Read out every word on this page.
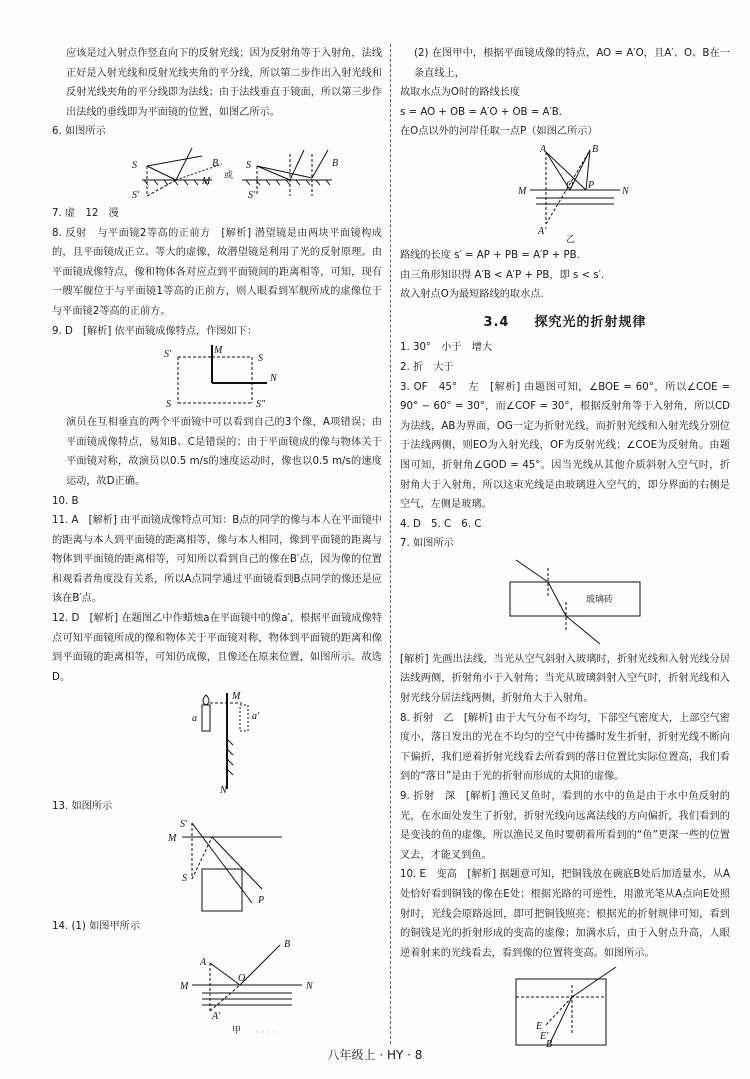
应该是过入射点作竖直向下的反射光线；因为反射角等于入射角，法线正好是入射光线和反射光线夹角的平分线，所以第二步作出入射光线和反射光线夹角的平分线即为法线；由于法线垂直于镜面，所以第三步作出法线的垂线即为平面镜的位置，如图乙所示。

6. 如图所示

S
S′
M
B
或
S
S′
B

7. 虚　12　漫

8. 反射　与平面镜2等高的正前方　[解析] 潜望镜是由两块平面镜构成的，且平面镜成正立、等大的虚像，故潜望镜是利用了光的反射原理。由平面镜成像特点，像和物体各对应点到平面镜间的距离相等，可知，现有一艘军舰位于与平面镜1等高的正前方，则人眼看到军舰所成的虚像位于与平面镜2等高的正前方。

9. D　[解析] 依平面镜成像特点，作图如下：

S′	M
S
N
S	S″

演员在互相垂直的两个平面镜中可以看到自己的3个像，A项错误；由平面镜成像特点，易知B、C是错误的；由于平面镜成的像与物体关于平面镜对称，故演员以0.5 m/s的速度运动时，像也以0.5 m/s的速度运动，故D正确。

10. B

11. A　[解析] 由平面镜成像特点可知：B点的同学的像与本人在平面镜中的距离与本人到平面镜的距离相等，像与本人相同，像到平面镜的距离与物体到平面镜的距离相等，可知所以看到自己的像在B′点，因为像的位置和观看者角度没有关系，所以A点同学通过平面镜看到B点同学的像还是应该在B′点。

12. D　[解析] 在题图乙中作蜡烛a在平面镜中的像a′，根据平面镜成像特点可知平面镜所成的像和物体关于平面镜对称，物体到平面镜的距离和像到平面镜的距离相等，可知仍成像，且像还在原来位置，如图所示。故选D。

a	a′
M
N

13. 如图所示

S′
M
S
P

14. (1) 如图甲所示

A
B
O
M	N
A′
甲

(2) 在图甲中，根据平面镜成像的特点，AO = A′O，且A′、O、B在一条直线上，

故取水点为O时的路线长度

s = AO + OB = A′O + OB = A′B.

在O点以外的河岸任取一点P（如图乙所示）

A	B
M	N
O P
A′
乙

路线的长度 s′ = AP + PB = A′P + PB.

由三角形知识得 A′B < A′P + PB，即 s < s′.

故入射点O为最短路线的取水点.

3.4 　 探究光的折射规律

1. 30°　小于　增大

2. 折　大于

3. OF　45°　左　[解析] 由题图可知，∠BOE = 60°，所以∠COE = 90° − 60° = 30°，而∠COF = 30°，根据反射角等于入射角，所以CD为法线，AB为界面，OG一定为折射光线，而折射光线和入射光线分别位于法线两侧，则EO为入射光线，OF为反射光线；∠COE为反射角。由题图可知，折射角∠GOD = 45°。因当光线从其他介质斜射入空气时，折射角大于入射角，所以这束光线是由玻璃进入空气的，即分界面的右侧是空气，左侧是玻璃。

4. D　5. C　6. C

7. 如图所示

玻璃砖

[解析] 先画出法线，当光从空气斜射入玻璃时，折射光线和入射光线分居法线两侧，折射角小于入射角；当光从玻璃斜射入空气时，折射光线和入射光线分居法线两侧，折射角大于入射角。

8. 折射　乙　[解析] 由于大气分布不均匀，下部空气密度大，上部空气密度小，落日发出的光在不均匀的空气中传播时发生折射，折射光线不断向下偏折，我们逆着折射光线看去所看到的落日位置比实际位置高，我们看到的“落日”是由于光的折射而形成的太阳的虚像。

9. 折射　深　[解析] 渔民叉鱼时，看到的水中的鱼是由于水中鱼反射的光，在水面处发生了折射，折射光线向远离法线的方向偏折，我们看到的是变浅的鱼的虚像，所以渔民叉鱼时要朝着所看到的“鱼”更深一些的位置叉去，才能叉到鱼。

10. E　变高　[解析] 据题意可知，把铜钱放在碗底B处后加适量水，从A处恰好看到铜钱的像在E处；根据光路的可逆性，用激光笔从A点向E处照射时，光线会原路返回，即可把铜钱照亮；根据光的折射规律可知，看到的铜钱是光的折射形成的变高的虚像；加满水后，由于入射点升高，人眼逆着射来的光线看去，看到像的位置将变高。如图所示。

E
E′
B
· · · ·
八年级上 · HY · 8
